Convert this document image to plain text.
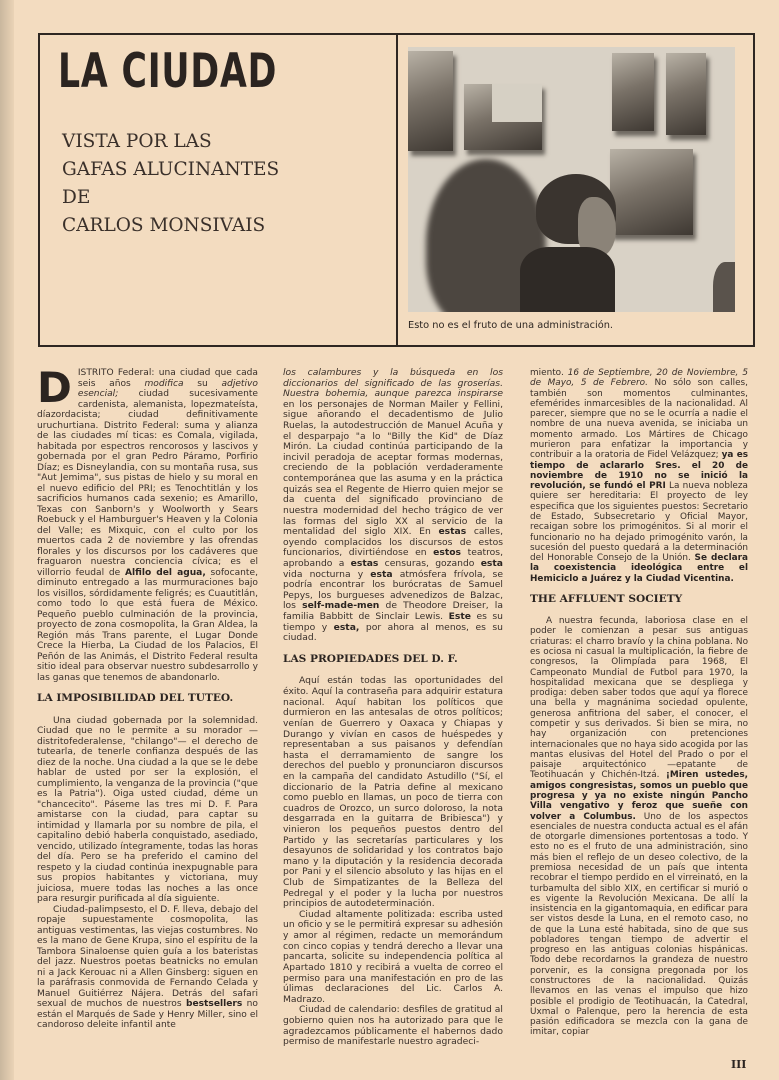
LA CIUDAD
VISTA POR LAS
GAFAS ALUCINANTES
DE
CARLOS MONSIVAIS

Esto no es el fruto de una administración.

DISTRITO Federal: una ciudad que cada seis años modifica su adjetivo esencial; ciudad sucesivamente cardenista, alemanista, lopezmateísta, díazordacista; ciudad definitivamente uruchurtiana. Distrito Federal: suma y alianza de las ciudades mí ticas: es Comala, vigilada, habitada por espectros rencorosos y lascivos y gobernada por el gran Pedro Páramo, Porfirio Díaz; es Disneylandia, con su montaña rusa, sus "Aut Jemima", sus pistas de hielo y su moral en el nuevo edificio del PRI; es Tenochtitlán y los sacrificios humanos cada sexenio; es Amarillo, Texas con Sanborn's y Woolworth y Sears Roebuck y el Hamburguer's Heaven y la Colonia del Valle; es Mixquic, con el culto por los muertos cada 2 de noviembre y las ofrendas florales y los discursos por los cadáveres que fraguaron nuestra conciencia cívica; es el villorrio feudal de Alfilo del agua, sofocante, diminuto entregado a las murmuraciones bajo los visillos, sórdidamente feligrés; es Cuautitlán, como todo lo que está fuera de México. Pequeño pueblo culminación de la provincia, proyecto de zona cosmopolita, la Gran Aldea, la Región más Trans parente, el Lugar Donde Crece la Hierba, La Ciudad de los Palacios, El Peñón de las Animás, el Distrito Federal resulta sitio ideal para observar nuestro subdesarrollo y las ganas que tenemos de abandonarlo.

LA IMPOSIBILIDAD DEL TUTEO.

Una ciudad gobernada por la solemnidad. Ciudad que no le permite a su morador —distritofederalense, "chilango"— el derecho de tutearla, de tenerle confianza después de las diez de la noche. Una ciudad a la que se le debe hablar de usted por ser la explosión, el cumplimiento, la venganza de la provincia ("que es la Patria"). Oiga usted ciudad, déme un "chancecito". Páseme las tres mi D. F. Para amistarse con la ciudad, para captar su intimidad y llamarla por su nombre de pila, el capitalino debió haberla conquistado, asediado, vencido, utilizado íntegramente, todas las horas del día. Pero se ha preferido el camino del respeto y la ciudad continúa inexpugnable para sus propios habitantes y victoriana, muy juiciosa, muere todas las noches a las once para resurgir purificada al día siguiente.

Ciudad-palimpsesto, el D. F. lleva, debajo del ropaje supuestamente cosmopolita, las antiguas vestimentas, las viejas costumbres. No es la mano de Gene Krupa, sino el espíritu de la Tambora Sinaloense quien guía a los bateristas del jazz. Nuestros poetas beatnicks no emulan ni a Jack Kerouac ni a Allen Ginsberg: siguen en la paráfrasis conmovida de Fernando Celada y Manuel Guitiérrez Nájera. Detrás del safari sexual de muchos de nuestros bestsellers no están el Marqués de Sade y Henry Miller, sino el candoroso deleite infantil ante

los calambures y la búsqueda en los diccionarios del significado de las groserías. Nuestra bohemia, aunque parezca inspirarse en los personajes de Norman Mailer y Fellini, sigue añorando el decadentismo de Julio Ruelas, la autodestrucción de Manuel Acuña y el desparpajo "a lo "Billy the Kid" de Díaz Mirón. La ciudad continúa participando de la incivil peradoja de aceptar formas modernas, creciendo de la población verdaderamente contemporánea que las asuma y en la práctica quizás sea el Regente de Hierro quien mejor se da cuenta del significado provinciano de nuestra modernidad del hecho trágico de ver las formas del siglo XX al servicio de la mentalidad del siglo XIX. En estas calles, oyendo complacidos los discursos de estos funcionarios, divirtiéndose en estos teatros, aprobando a estas censuras, gozando esta vida nocturna y esta atmósfera frívola, se podría encontrar los burócratas de Samuel Pepys, los burgueses advenedizos de Balzac, los self-made-men de Theodore Dreiser, la familia Babbitt de Sinclair Lewis. Este es su tiempo y esta, por ahora al menos, es su ciudad.

LAS PROPIEDADES DEL D. F.

Aquí están todas las oportunidades del éxito. Aquí la contraseña para adquirir estatura nacional. Aquí habitan los políticos que durmieron en las antesalas de otros políticos; venían de Guerrero y Oaxaca y Chiapas y Durango y vivían en casos de huéspedes y representaban a sus paisanos y defendían hasta el derramamiento de sangre los derechos del pueblo y pronunciaron discursos en la campaña del candidato Astudillo ("Sí, el diccionario de la Patria define al mexicano como pueblo en llamas, un poco de tierra con cuadros de Orozco, un surco doloroso, la nota desgarrada en la guitarra de Bribiesca") y vinieron los pequeños puestos dentro del Partido y las secretarías particulares y los desayunos de solidaridad y los contratos bajo mano y la diputación y la residencia decorada por Pani y el silencio absoluto y las hijas en el Club de Simpatizantes de la Belleza del Pedregal y el poder y la lucha por nuestros principios de autodeterminación.

Ciudad altamente politizada: escriba usted un oficio y se le permitirá expresar su adhesión y amor al régimen, redacte un memorándum con cinco copias y tendrá derecho a llevar una pancarta, solicite su independencia política al Apartado 1810 y recibirá a vuelta de correo el permiso para una manifestación en pro de las úlimas declaraciones del Lic. Carlos A. Madrazo.

Ciudad de calendario: desfiles de gratitud al gobierno quien nos ha autorizado para que le agradezcamos públicamente el habernos dado permiso de manifestarle nuestro agradeci-

miento. 16 de Septiembre, 20 de Noviembre, 5 de Mayo, 5 de Febrero. No sólo son calles, también son momentos culminantes, efemérides inmarcesibles de la nacionalidad. Al parecer, siempre que no se le ocurría a nadie el nombre de una nueva avenida, se iniciaba un momento armado. Los Mártires de Chicago murieron para enfatizar la importancia y contribuir a la oratoria de Fidel Velázquez; ya es tiempo de aclararlo Sres. el 20 de noviembre de 1910 no se inició la revolución, se fundó el PRI La nueva nobleza quiere ser hereditaria: El proyecto de ley especifica que los siguientes puestos: Secretario de Estado, Subsecretario y Oficial Mayor, recaigan sobre los primogénitos. Si al morir el funcionario no ha dejado primogénito varón, la sucesión del puesto quedará a la determinación del Honorable Consejo de la Unión. Se declara la coexistencia ideológica entre el Hemiciclo a Juárez y la Ciudad Vicentina.

THE AFFLUENT SOCIETY

A nuestra fecunda, laboriosa clase en el poder le comienzan a pesar sus antiguas criaturas: el charro bravío y la china poblana. No es ociosa ni casual la multiplicación, la fiebre de congresos, la Olimpíada para 1968, El Campeonato Mundial de Futbol para 1970, la hospitalidad mexicana que se despliega y prodiga: deben saber todos que aquí ya florece una bella y magnánima sociedad opulente, generosa anfitriona del saber, el conocer, el competir y sus derivados. Si bien se mira, no hay organización con pretenciones internacionales que no haya sido acogida por las mantas elusivas del Hotel del Prado o por el paisaje arquitectónico —epatante de Teotihuacán y Chichén-Itzá. ¡Miren ustedes, amigos congresistas, somos un pueblo que progresa y ya no existe ningún Pancho Villa vengativo y feroz que sueñe con volver a Columbus. Uno de los aspectos esenciales de nuestra conducta actual es el afán de otorgarle dimensiones portentosas a todo. Y esto no es el fruto de una administración, sino más bien el reflejo de un deseo colectivo, de la premiosa necesidad de un país que intenta recobrar el tiempo perdido en el virreinató, en la turbamulta del siblo XIX, en certificar si murió o es vigente la Revolución Mexicana. De allí la insistencia en la gigantomaquia, en edificar para ser vistos desde la Luna, en el remoto caso, no de que la Luna esté habitada, sino de que sus pobladores tengan tiempo de advertir el progreso en las antiguas colonias hispánicas. Todo debe recordarnos la grandeza de nuestro porvenir, es la consigna pregonada por los constructores de la nacionalidad. Quizás llevamos en las venas el impulso que hizo posible el prodigio de Teotihuacán, la Catedral, Uxmal o Palenque, pero la herencia de esta pasión edificadora se mezcla con la gana de imitar, copiar

III
